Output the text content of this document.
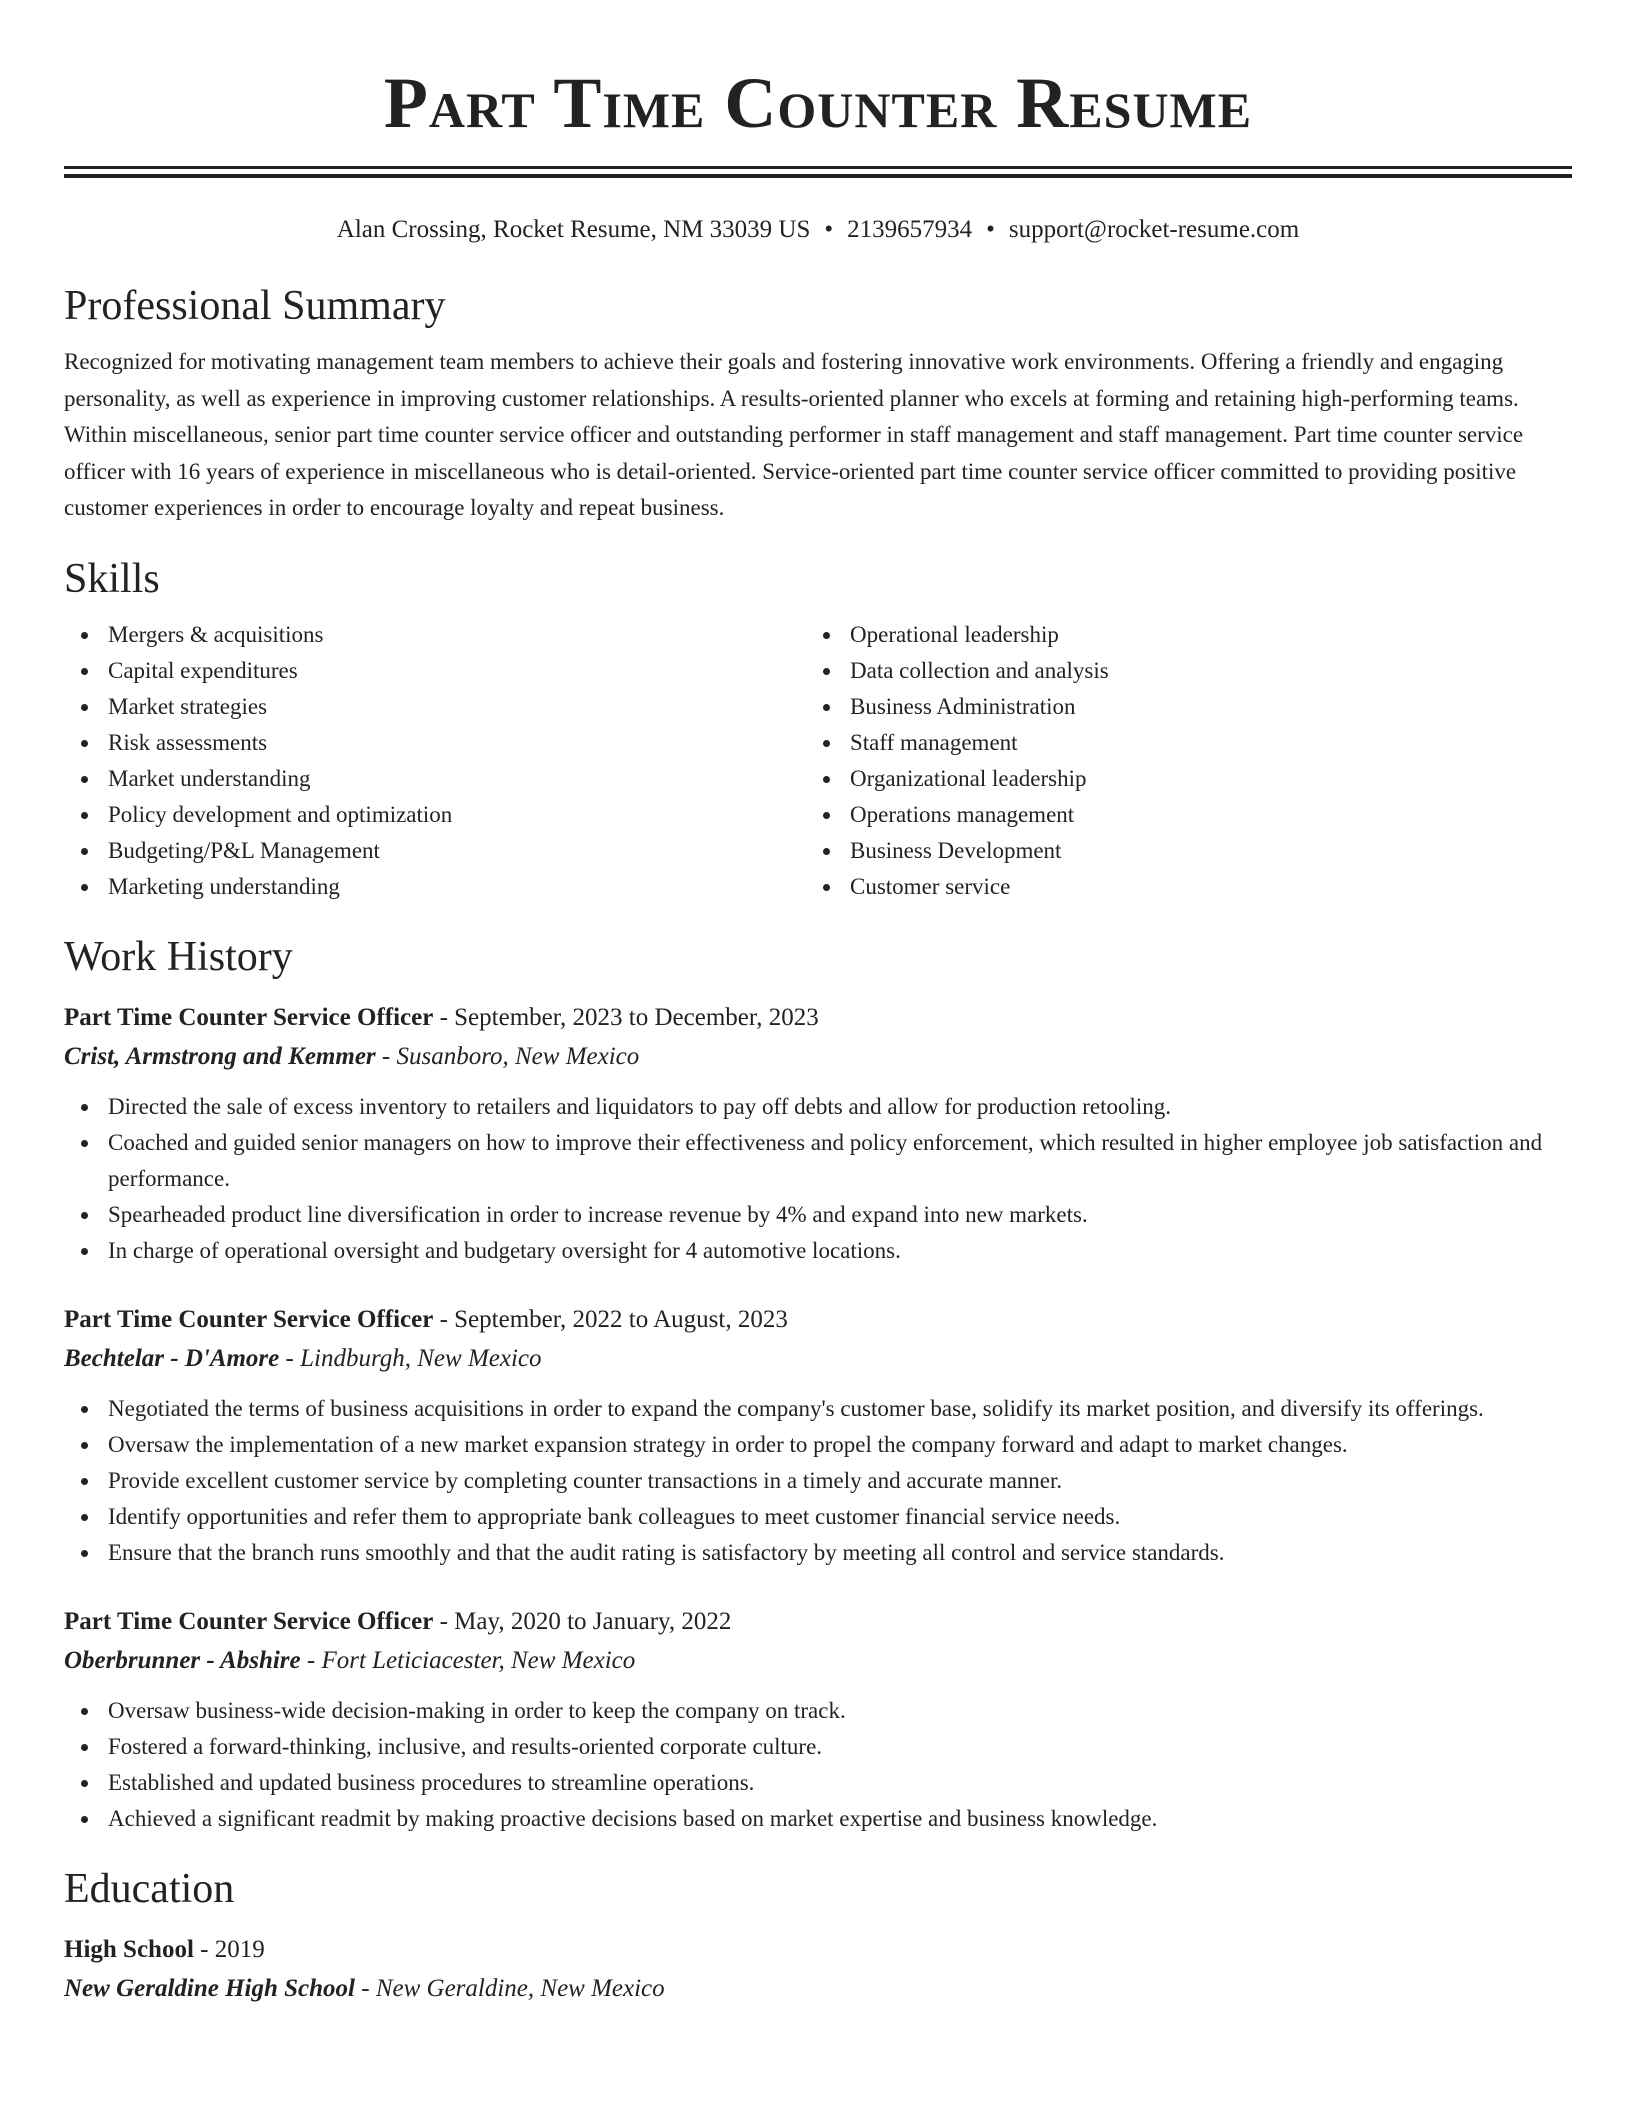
Part Time Counter Resume
Alan Crossing, Rocket Resume, NM 33039 US • 2139657934 • support@rocket-resume.com
Professional Summary

Recognized for motivating management team members to achieve their goals and fostering innovative work environments. Offering a friendly and engaging personality, as well as experience in improving customer relationships. A results-oriented planner who excels at forming and retaining high-performing teams. Within miscellaneous, senior part time counter service officer and outstanding performer in staff management and staff management. Part time counter service officer with 16 years of experience in miscellaneous who is detail-oriented. Service-oriented part time counter service officer committed to providing positive customer experiences in order to encourage loyalty and repeat business.

Skills
Mergers & acquisitions
Capital expenditures
Market strategies
Risk assessments
Market understanding
Policy development and optimization
Budgeting/P&L Management
Marketing understanding
Operational leadership
Data collection and analysis
Business Administration
Staff management
Organizational leadership
Operations management
Business Development
Customer service
Work History
Part Time Counter Service Officer - September, 2023 to December, 2023
Crist, Armstrong and Kemmer - Susanboro, New Mexico
Directed the sale of excess inventory to retailers and liquidators to pay off debts and allow for production retooling.
Coached and guided senior managers on how to improve their effectiveness and policy enforcement, which resulted in higher employee job satisfaction and performance.
Spearheaded product line diversification in order to increase revenue by 4% and expand into new markets.
In charge of operational oversight and budgetary oversight for 4 automotive locations.
Part Time Counter Service Officer - September, 2022 to August, 2023
Bechtelar - D'Amore - Lindburgh, New Mexico
Negotiated the terms of business acquisitions in order to expand the company's customer base, solidify its market position, and diversify its offerings.
Oversaw the implementation of a new market expansion strategy in order to propel the company forward and adapt to market changes.
Provide excellent customer service by completing counter transactions in a timely and accurate manner.
Identify opportunities and refer them to appropriate bank colleagues to meet customer financial service needs.
Ensure that the branch runs smoothly and that the audit rating is satisfactory by meeting all control and service standards.
Part Time Counter Service Officer - May, 2020 to January, 2022
Oberbrunner - Abshire - Fort Leticiacester, New Mexico
Oversaw business-wide decision-making in order to keep the company on track.
Fostered a forward-thinking, inclusive, and results-oriented corporate culture.
Established and updated business procedures to streamline operations.
Achieved a significant readmit by making proactive decisions based on market expertise and business knowledge.
Education
High School - 2019
New Geraldine High School - New Geraldine, New Mexico
